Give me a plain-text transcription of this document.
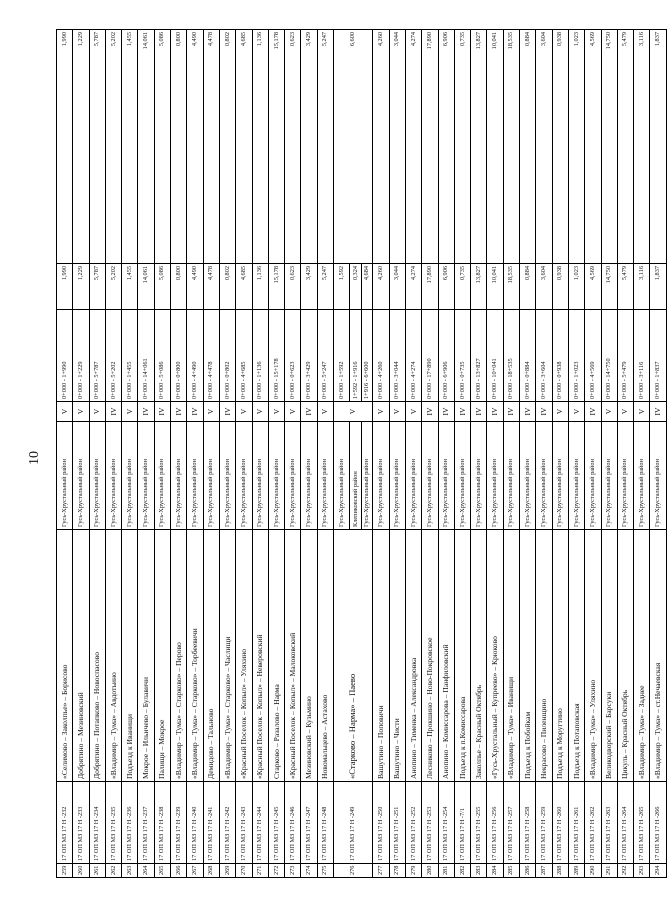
10
259	17 ОП МЗ 17 Н -232	«Селимово – Заколпье» – Борисово	Гусь-Хрустальный район	V	0+000 - 1+990	1,990	1,990
260	17 ОП МЗ 17 Н -233	Добрятино – Мезиновский	Гусь-Хрустальный район	V	0+000 - 1+229	1,229	1,229
261	17 ОП МЗ 17 Н -234	Добрятино – Потапково – Новоспасово	Гусь-Хрустальный район	V	0+000 - 5+787	5,787	5,787
262	17 ОП МЗ 17 Н -235	«Владимир – Тума» – Авдотьино	Гусь-Хрустальный район	IV	0+000 - 5+202	5,202	5,202
263	17 ОП МЗ 17 Н -236	Подъезд к Иванищи	Гусь-Хрустальный район	V	0+000 - 1+455	1,455	1,455
264	17 ОП МЗ 17 Н -237	Мокрое – Ильичево – Булавичи	Гусь-Хрустальный район	IV	0+000 - 14+061	14,061	14,061
265	17 ОП МЗ 17 Н -238	Палищи – Мокрое	Гусь-Хрустальный район	IV	0+000 - 5+086	5,086	5,086
266	17 ОП МЗ 17 Н -239	«Владимир – Тума» – Старково» – Перово	Гусь-Хрустальный район	IV	0+000 - 0+800	0,800	0,800
267	17 ОП МЗ 17 Н -240	«Владимир – Тума» – Старково» – Торбеевичи	Гусь-Хрустальный район	IV	0+000 - 4+490	4,490	4,490
268	17 ОП МЗ 17 Н -241	Демидово – Тальново	Гусь-Хрустальный район	V	0+000 - 4+478	4,478	4,478
269	17 ОП МЗ 17 Н -242	«Владимир – Тума» – Старково» – Часлищи	Гусь-Хрустальный район	IV	0+000 - 0+802	0,802	0,802
270	17 ОП МЗ 17 Н -243	«Красный Поселок – Копыл» – Уляхино	Гусь-Хрустальный район	V	0+000 - 4+685	4,685	4,685
271	17 ОП МЗ 17 Н -244	«Красный Поселок – Копыл» – Неверовский	Гусь-Хрустальный район	V	0+000 - 1+136	1,136	1,136
272	17 ОП МЗ 17 Н -245	Старково – Разалово – Нарма	Гусь-Хрустальный район	V	0+000 - 15+178	15,178	15,178
273	17 ОП МЗ 17 Н -246	«Красный Поселок – Копыл» – Малоковский	Гусь-Хрустальный район	V	0+000 - 0+623	0,623	0,623
274	17 ОП МЗ 17 Н -247	Мезиновский – Кузьмино	Гусь-Хрустальный район	IV	0+000 - 3+429	3,429	3,429
275	17 ОП МЗ 17 Н -248	Новомальцево – Астахово	Гусь-Хрустальный район	V	0+000 - 5+247	5,247	5,247
276	17 ОП МЗ 17 Н -249	«Старково – Нарма» – Паево	Гусь-Хрустальный район	V	0+000 - 1+592	1,592	6,600
			Клепиковский район		1+592 - 1+916	0,324	
			Гусь-Хрустальный район		1+916 - 6+600	4,684	
277	17 ОП МЗ 17 Н -250	Вашутино – Поповичи	Гусь-Хрустальный район	V	0+000 - 4+260	4,260	4,260
278	17 ОП МЗ 17 Н -251	Вашутино – Чисти	Гусь-Хрустальный район	V	0+000 - 3+044	3,044	3,044
279	17 ОП МЗ 17 Н -252	Анопино – Тименка – Александровка	Гусь-Хрустальный район	V	0+000 - 4+274	4,274	4,274
280	17 ОП МЗ 17 Н -253	Лесниково – Прокшино – Ново-Покровское	Гусь-Хрустальный район	IV	0+000 - 17+890	17,890	17,890
281	17 ОП МЗ 17 Н -254	Анопино – Комиссарова – Панфиловский	Гусь-Хрустальный район	IV	0+000 - 6+906	6,906	6,906
282	17 ОП МЗ 17 Н -7/1	Подъезд к п.Комиссарова	Гусь-Хрустальный район	IV	0+000 - 0+735	0,735	0,735
283	17 ОП МЗ 17 Н -255	Заколпье – Красный Октябрь	Гусь-Хрустальный район	IV	0+000 - 13+827	13,827	13,827
284	17 ОП МЗ 17 Н -256	«Гусь-Хрустальный – Купреево» – Крюково	Гусь-Хрустальный район	IV	0+000 - 10+041	10,041	10,041
285	17 ОП МЗ 17 Н -257	«Владимир – Тума» – Иванищи	Гусь-Хрустальный район	IV	0+000 - 18+535	18,535	18,535
286	17 ОП МЗ 17 Н -258	Подъезд к Побойкам	Гусь-Хрустальный район	IV	0+000 - 0+884	0,884	0,884
287	17 ОП МЗ 17 Н -259	Некрасово – Пиленщино	Гусь-Хрустальный район	IV	0+000 - 3+604	3,604	3,604
288	17 ОП МЗ 17 Н -260	Подъезд к Моругтино	Гусь-Хрустальный район	V	0+000 - 0+938	0,938	0,938
289	17 ОП МЗ 17 Н -261	Подъезд к Потаповская	Гусь-Хрустальный район	V	0+000 - 1+023	1,023	1,023
290	17 ОП МЗ 17 Н -262	«Владимир – Тума» – Уляхино	Гусь-Хрустальный район	IV	0+000 - 4+569	4,569	4,569
291	17 ОП МЗ 17 Н -263	Великодворский – Барсуки	Гусь-Хрустальный район	V	0+000 - 14+750	14,750	14,750
292	17 ОП МЗ 17 Н -264	Цикуль – Красный Октябрь	Гусь-Хрустальный район	V	0+000 - 5+479	5,479	5,479
293	17 ОП МЗ 17 Н -265	«Владимир – Тума» – Заднее	Гусь-Хрустальный район	V	0+000 - 3+116	3,116	3,116
294	17 ОП МЗ 17 Н -266	«Владимир – Тума» – ст.Нечаевская	Гусь-Хрустальный район	IV	0+000 - 1+837	1,837	1,837
